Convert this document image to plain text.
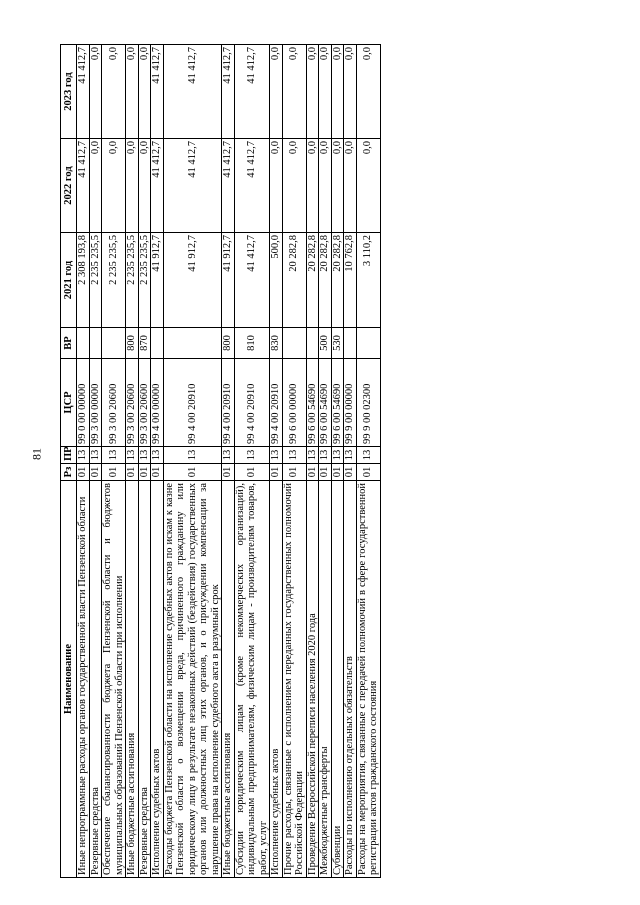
81
Наименование	Рз	ПР	ЦСР	ВР	2021 год	2022 год	2023 год
Иные непрограммные расходы органов государственной власти Пензенской области	01	13	99 0 00 00000		2 308 193,8	41 412,7	41 412,7
Резервные средства	01	13	99 3 00 00000		2 235 235,5	0,0	0,0
Обеспечение сбалансированности бюджета Пензенской области и бюджетов муниципальных образований Пензенской области при исполнении	01	13	99 3 00 20600		2 235 235,5	0,0	0,0
Иные бюджетные ассигнования	01	13	99 3 00 20600	800	2 235 235,5	0,0	0,0
Резервные средства	01	13	99 3 00 20600	870	2 235 235,5	0,0	0,0
Исполнение судебных актов	01	13	99 4 00 00000		41 912,7	41 412,7	41 412,7
Расходы бюджета Пензенской области на исполнение судебных актов по искам к казне Пензенской области о возмещении вреда, причиненного гражданину или юридическому лицу в результате незаконных действий (бездействия) государственных органов или должностных лиц этих органов, и о присуждении компенсации за нарушение права на исполнение судебного акта в разумный срок	01	13	99 4 00 20910		41 912,7	41 412,7	41 412,7
Иные бюджетные ассигнования	01	13	99 4 00 20910	800	41 912,7	41 412,7	41 412,7
Субсидии юридическим лицам (кроме некоммерческих организаций), индивидуальным предпринимателям, физическим лицам - производителям товаров, работ, услуг	01	13	99 4 00 20910	810	41 412,7	41 412,7	41 412,7
Исполнение судебных актов	01	13	99 4 00 20910	830	500,0	0,0	0,0
Прочие расходы, связанные с исполнением переданных государственных полномочий Российской Федерации	01	13	99 6 00 00000		20 282,8	0,0	0,0
Проведение Всероссийской переписи населения 2020 года	01	13	99 6 00 54690		20 282,8	0,0	0,0
Межбюджетные трансферты	01	13	99 6 00 54690	500	20 282,8	0,0	0,0
Субвенции	01	13	99 6 00 54690	530	20 282,8	0,0	0,0
Расходы по исполнению отдельных обязательств	01	13	99 9 00 00000		10 762,8	0,0	0,0
Расходы на мероприятия, связанные с передачей полномочий в сфере государственной регистрации актов гражданского состояния	01	13	99 9 00 02300		3 110,2	0,0	0,0
